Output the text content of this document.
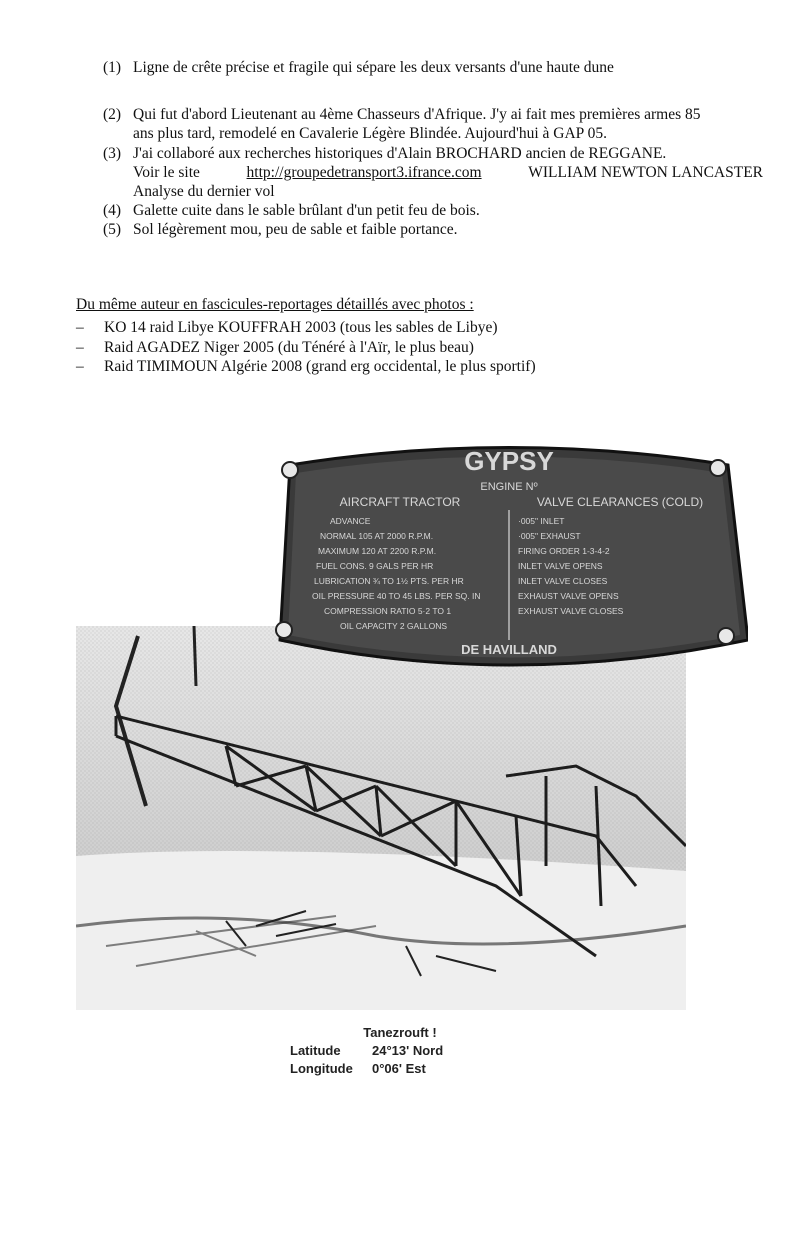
(1) Ligne de crête précise et fragile qui sépare les deux versants d'une haute dune
(2) Qui fut d'abord Lieutenant au 4ème Chasseurs d'Afrique. J'y ai fait mes premières armes 85
ans plus tard, remodelé en Cavalerie Légère Blindée. Aujourd'hui à GAP 05.
(3) J'ai collaboré aux recherches historiques d'Alain BROCHARD ancien de REGGANE.
Voir le site	http://groupedetransport3.ifrance.com	WILLIAM NEWTON LANCASTER
Analyse du dernier vol
(4) Galette cuite dans le sable brûlant d'un petit feu de bois.
(5) Sol légèrement mou, peu de sable et faible portance.
Du même auteur en fascicules-reportages détaillés avec photos :
– KO 14 raid Libye KOUFFRAH 2003 (tous les sables de Libye)
– Raid AGADEZ Niger 2005 (du Ténéré à l'Aïr, le plus beau)
– Raid TIMIMOUN Algérie 2008 (grand erg occidental, le plus sportif)
GYPSY
ENGINE Nº
AIRCRAFT TRACTOR	VALVE CLEARANCES (COLD)
ADVANCE
NORMAL 105 AT 2000 R.P.M.
MAXIMUM 120 AT 2200 R.P.M.
FUEL CONS. 9 GALS PER HR
LUBRICATION ¾ TO 1½ PTS. PER HR
OIL PRESSURE 40 TO 45 LBS. PER SQ. IN
COMPRESSION RATIO 5·2 TO 1
OIL CAPACITY 2 GALLONS
·005" INLET
·005" EXHAUST
FIRING ORDER 1-3-4-2
INLET VALVE OPENS
INLET VALVE CLOSES
EXHAUST VALVE OPENS
EXHAUST VALVE CLOSES
DE HAVILLAND
Tanezrouft !
Latitude	24°13' Nord
Longitude	0°06' Est
